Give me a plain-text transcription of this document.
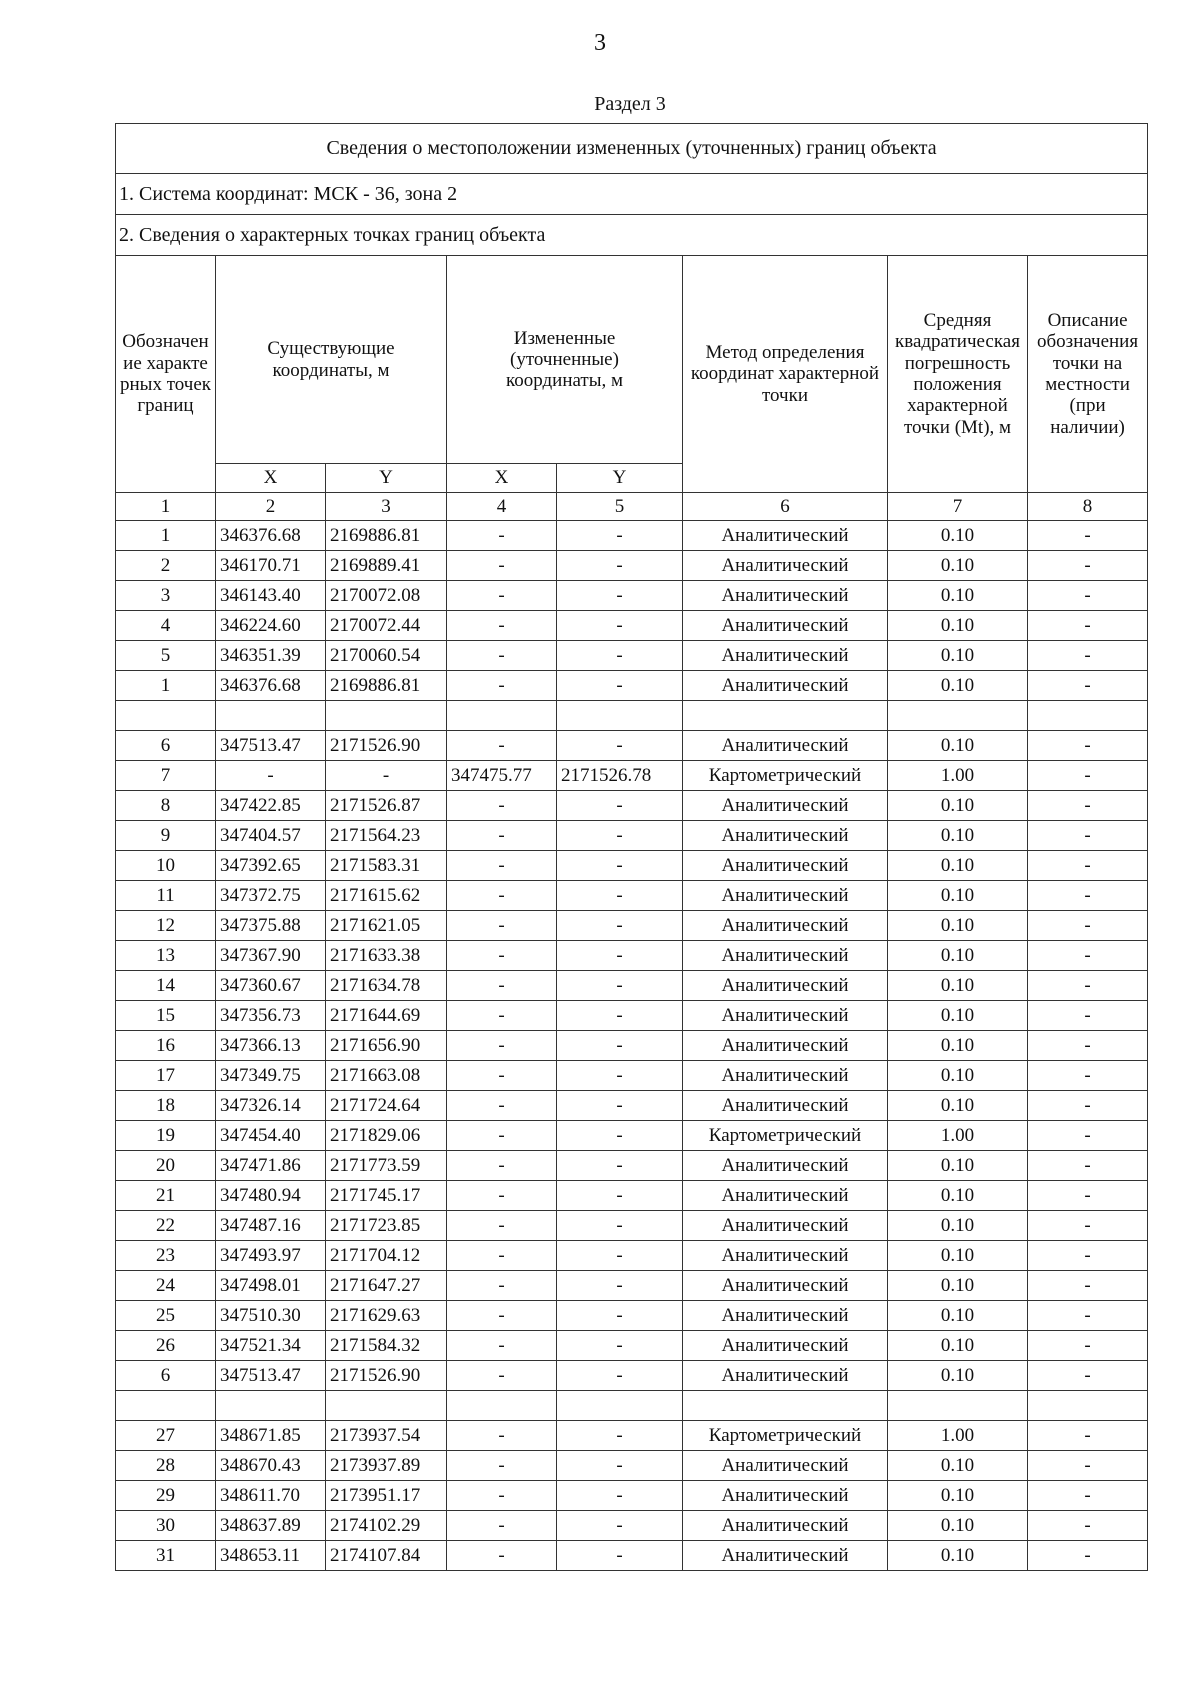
3
Раздел 3
Сведения о местоположении измененных (уточненных) границ объекта							
1. Система координат: МСК - 36, зона 2							
2. Сведения о характерных точках границ объекта							
Обозначение характерных точек границ	Существующие координаты, м		Измененные (уточненные) координаты, м		Метод определения координат характерной точки	Средняя квадратическая погрешность положения характерной точки (Mt), м	Описание обозначения точки на местности (при наличии)
	X	Y	X	Y			
1	2	3	4	5	6	7	8
1	346376.68	2169886.81	-	-	Аналитический	0.10	-
2	346170.71	2169889.41	-	-	Аналитический	0.10	-
3	346143.40	2170072.08	-	-	Аналитический	0.10	-
4	346224.60	2170072.44	-	-	Аналитический	0.10	-
5	346351.39	2170060.54	-	-	Аналитический	0.10	-
1	346376.68	2169886.81	-	-	Аналитический	0.10	-

6	347513.47	2171526.90	-	-	Аналитический	0.10	-
7	-	-	347475.77	2171526.78	Картометрический	1.00	-
8	347422.85	2171526.87	-	-	Аналитический	0.10	-
9	347404.57	2171564.23	-	-	Аналитический	0.10	-
10	347392.65	2171583.31	-	-	Аналитический	0.10	-
11	347372.75	2171615.62	-	-	Аналитический	0.10	-
12	347375.88	2171621.05	-	-	Аналитический	0.10	-
13	347367.90	2171633.38	-	-	Аналитический	0.10	-
14	347360.67	2171634.78	-	-	Аналитический	0.10	-
15	347356.73	2171644.69	-	-	Аналитический	0.10	-
16	347366.13	2171656.90	-	-	Аналитический	0.10	-
17	347349.75	2171663.08	-	-	Аналитический	0.10	-
18	347326.14	2171724.64	-	-	Аналитический	0.10	-
19	347454.40	2171829.06	-	-	Картометрический	1.00	-
20	347471.86	2171773.59	-	-	Аналитический	0.10	-
21	347480.94	2171745.17	-	-	Аналитический	0.10	-
22	347487.16	2171723.85	-	-	Аналитический	0.10	-
23	347493.97	2171704.12	-	-	Аналитический	0.10	-
24	347498.01	2171647.27	-	-	Аналитический	0.10	-
25	347510.30	2171629.63	-	-	Аналитический	0.10	-
26	347521.34	2171584.32	-	-	Аналитический	0.10	-
6	347513.47	2171526.90	-	-	Аналитический	0.10	-

27	348671.85	2173937.54	-	-	Картометрический	1.00	-
28	348670.43	2173937.89	-	-	Аналитический	0.10	-
29	348611.70	2173951.17	-	-	Аналитический	0.10	-
30	348637.89	2174102.29	-	-	Аналитический	0.10	-
31	348653.11	2174107.84	-	-	Аналитический	0.10	-
